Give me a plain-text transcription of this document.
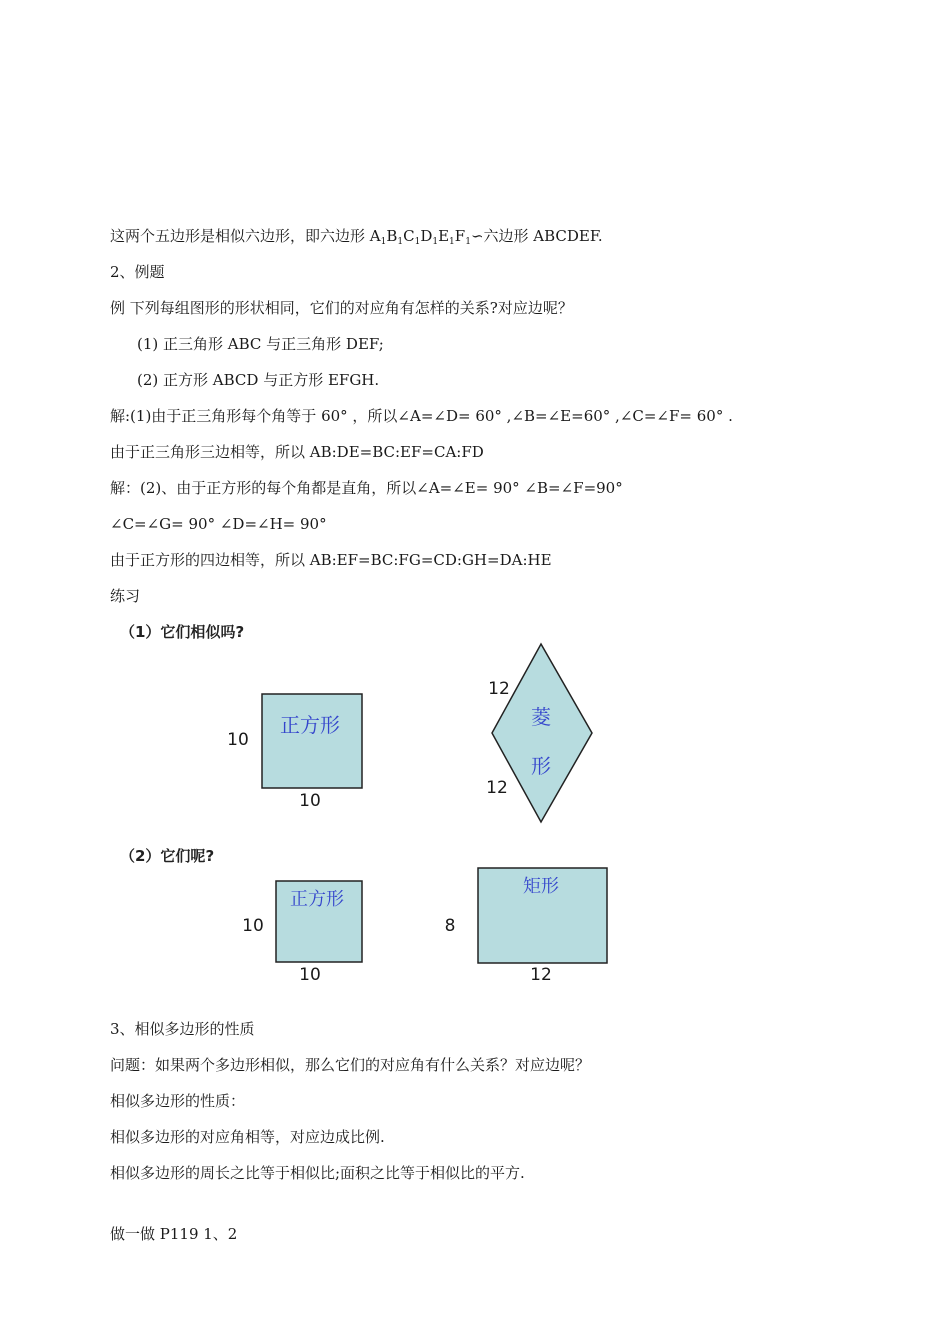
这两个五边形是相似六边形，即六边形 $A_1B_1C_1D_1E_1F_1∽$六边形 ABCDEF.
2、例题
例 下列每组图形的形状相同，它们的对应角有怎样的关系?对应边呢？
(1) 正三角形 ABC 与正三角形 DEF;
(2) 正方形 ABCD 与正方形 EFGH.
解:(1)由于正三角形每个角等于 60° ，所以∠A=∠D= 60° ,∠B=∠E=60° ,∠C=∠F= 60° .
由于正三角形三边相等，所以 AB:DE=BC:EF=CA:FD
解：(2)、由于正方形的每个角都是直角，所以∠A=∠E= 90° ∠B=∠F=90°
∠C=∠G= 90° ∠D=∠H= 90°
由于正方形的四边相等，所以 AB:EF=BC:FG=CD:GH=DA:HE
练习
（1）它们相似吗?
（2）它们呢?
正方形
10
10
菱
形
12
12
正方形
10
10
矩形
8
12
3、相似多边形的性质
问题：如果两个多边形相似，那么它们的对应角有什么关系？对应边呢？
相似多边形的性质：
相似多边形的对应角相等，对应边成比例.
相似多边形的周长之比等于相似比;面积之比等于相似比的平方.
做一做 P119 1、2
